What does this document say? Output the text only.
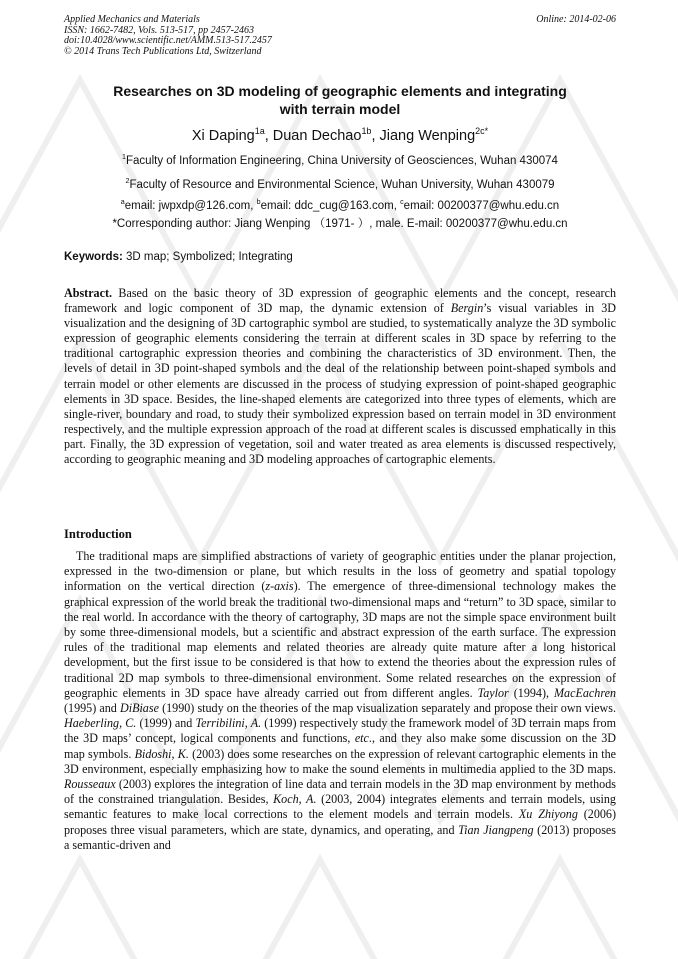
Online: 2014-02-06
Applied Mechanics and Materials
ISSN: 1662-7482, Vols. 513-517, pp 2457-2463
doi:10.4028/www.scientific.net/AMM.513-517.2457
© 2014 Trans Tech Publications Ltd, Switzerland
Researches on 3D modeling of geographic elements and integrating
with terrain model
Xi Daping$^{1a}$, Duan Dechao$^{1b}$, Jiang Wenping$^{2c*}$
$^1$Faculty of Information Engineering, China University of Geosciences, Wuhan 430074
$^2$Faculty of Resource and Environmental Science, Wuhan University, Wuhan 430079
$^a$email: jwpxdp@126.com, $^b$email: ddc_cug@163.com, $^c$email: 00200377@whu.edu.cn
*Corresponding author: Jiang Wenping （1971- ）, male. E-mail: 00200377@whu.edu.cn
Keywords: 3D map; Symbolized; Integrating
Abstract. Based on the basic theory of 3D expression of geographic elements and the concept, research framework and logic component of 3D map, the dynamic extension of Bergin’s visual variables in 3D visualization and the designing of 3D cartographic symbol are studied, to systematically analyze the 3D symbolic expression of geographic elements considering the terrain at different scales in 3D space by referring to the traditional cartographic expression theories and combining the characteristics of 3D environment. Then, the levels of detail in 3D point-shaped symbols and the deal of the relationship between point-shaped symbols and terrain model or other elements are discussed in the process of studying expression of point-shaped geographic elements in 3D space. Besides, the line-shaped elements are categorized into three types of elements, which are single-river, boundary and road, to study their symbolized expression based on terrain model in 3D environment respectively, and the multiple expression approach of the road at different scales is discussed emphatically in this part. Finally, the 3D expression of vegetation, soil and water treated as area elements is discussed respectively, according to geographic meaning and 3D modeling approaches of cartographic elements.
Introduction
The traditional maps are simplified abstractions of variety of geographic entities under the planar projection, expressed in the two-dimension or plane, but which results in the loss of geometry and spatial topology information on the vertical direction (z-axis). The emergence of three-dimensional technology makes the graphical expression of the world break the traditional two-dimensional maps and “return” to 3D space, similar to the real world. In accordance with the theory of cartography, 3D maps are not the simple space environment built by some three-dimensional models, but a scientific and abstract expression of the earth surface. The expression rules of the traditional map elements and related theories are already quite mature after a long historical development, but the first issue to be considered is that how to extend the theories about the expression rules of traditional 2D map symbols to three-dimensional environment. Some related researches on the expression of geographic elements in 3D space have already carried out from different angles. Taylor (1994), MacEachren (1995) and DiBiase (1990) study on the theories of the map visualization separately and propose their own views. Haeberling, C. (1999) and Terribilini, A. (1999) respectively study the framework model of 3D terrain maps from the 3D maps’ concept, logical components and functions, etc., and they also make some discussion on the 3D map symbols. Bidoshi, K. (2003) does some researches on the expression of relevant cartographic elements in the 3D environment, especially emphasizing how to make the sound elements in multimedia applied to the 3D maps. Rousseaux (2003) explores the integration of line data and terrain models in the 3D map environment by methods of the constrained triangulation. Besides, Koch, A. (2003, 2004) integrates elements and terrain models, using semantic features to make local corrections to the element models and terrain models. Xu Zhiyong (2006) proposes three visual parameters, which are state, dynamics, and operating, and Tian Jiangpeng (2013) proposes a semantic-driven and
